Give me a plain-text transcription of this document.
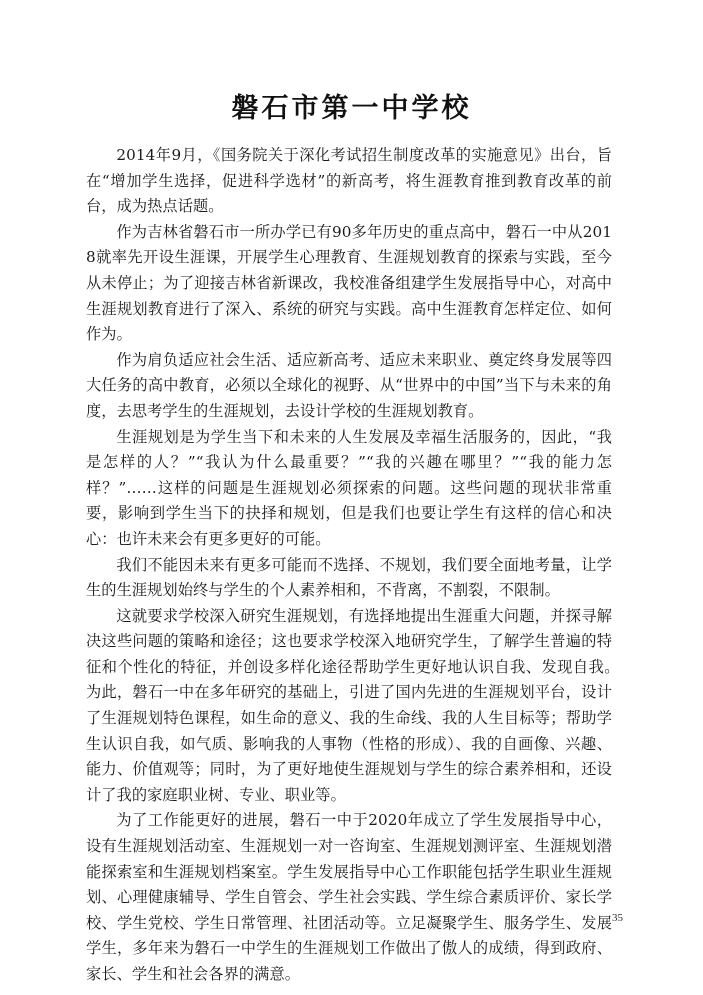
磐石市第一中学校

2014年9月，《国务院关于深化考试招生制度改革的实施意见》出台，旨在“增加学生选择，促进科学选材”的新高考，将生涯教育推到教育改革的前台，成为热点话题。

作为吉林省磐石市一所办学已有90多年历史的重点高中，磐石一中从2018就率先开设生涯课，开展学生心理教育、生涯规划教育的探索与实践，至今从未停止；为了迎接吉林省新课改，我校准备组建学生发展指导中心，对高中生涯规划教育进行了深入、系统的研究与实践。高中生涯教育怎样定位、如何作为。

作为肩负适应社会生活、适应新高考、适应未来职业、奠定终身发展等四大任务的高中教育，必须以全球化的视野、从“世界中的中国”当下与未来的角度，去思考学生的生涯规划，去设计学校的生涯规划教育。

生涯规划是为学生当下和未来的人生发展及幸福生活服务的，因此，“我是怎样的人？”“我认为什么最重要？”“我的兴趣在哪里？”“我的能力怎样？”……这样的问题是生涯规划必须探索的问题。这些问题的现状非常重要，影响到学生当下的抉择和规划，但是我们也要让学生有这样的信心和决心：也许未来会有更多更好的可能。

我们不能因未来有更多可能而不选择、不规划，我们要全面地考量，让学生的生涯规划始终与学生的个人素养相和，不背离，不割裂，不限制。

这就要求学校深入研究生涯规划，有选择地提出生涯重大问题，并探寻解决这些问题的策略和途径；这也要求学校深入地研究学生，了解学生普遍的特征和个性化的特征，并创设多样化途径帮助学生更好地认识自我、发现自我。　为此，磐石一中在多年研究的基础上，引进了国内先进的生涯规划平台，设计了生涯规划特色课程，如生命的意义、我的生命线、我的人生目标等；帮助学生认识自我，如气质、影响我的人事物（性格的形成）、我的自画像、兴趣、能力、价值观等；同时，为了更好地使生涯规划与学生的综合素养相和，还设计了我的家庭职业树、专业、职业等。

为了工作能更好的进展，磐石一中于2020年成立了学生发展指导中心，设有生涯规划活动室、生涯规划一对一咨询室、生涯规划测评室、生涯规划潜能探索室和生涯规划档案室。学生发展指导中心工作职能包括学生职业生涯规划、心理健康辅导、学生自管会、学生社会实践、学生综合素质评价、家长学校、学生党校、学生日常管理、社团活动等。立足凝聚学生、服务学生、发展学生，多年来为磐石一中学生的生涯规划工作做出了傲人的成绩，得到政府、家长、学生和社会各界的满意。

35
